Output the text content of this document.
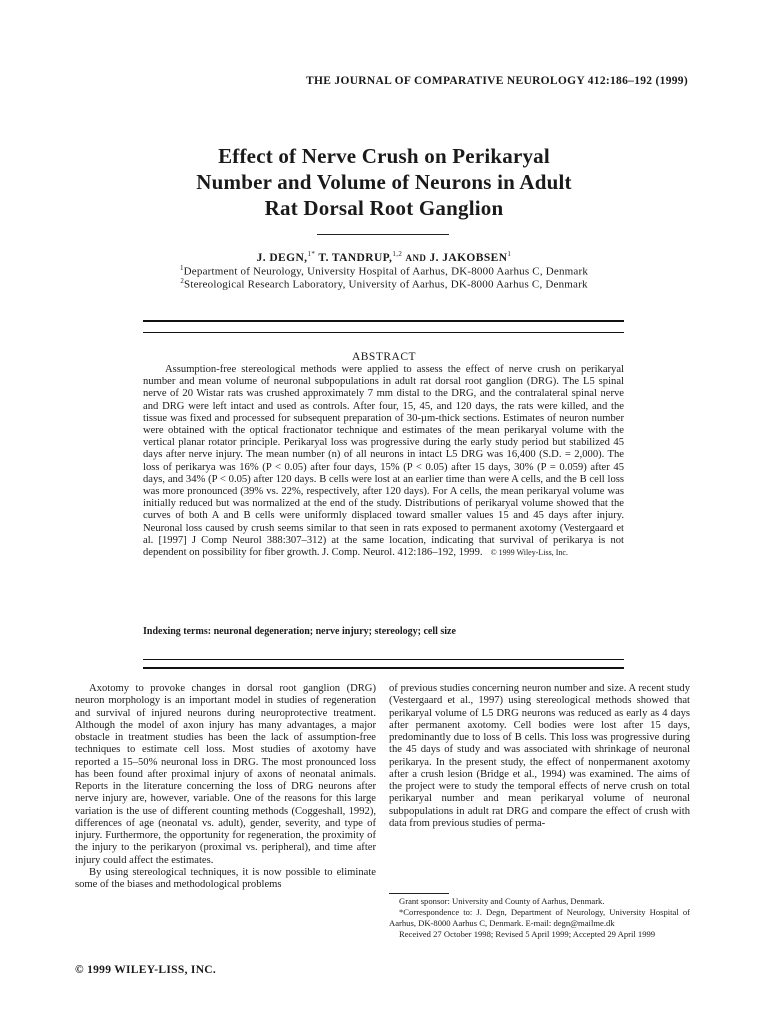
THE JOURNAL OF COMPARATIVE NEUROLOGY 412:186–192 (1999)
Effect of Nerve Crush on Perikaryal
Number and Volume of Neurons in Adult
Rat Dorsal Root Ganglion
J. DEGN,$^{1*}$ T. TANDRUP,$^{1,2}$ AND J. JAKOBSEN$^1$
$^1$Department of Neurology, University Hospital of Aarhus, DK-8000 Aarhus C, Denmark
$^2$Stereological Research Laboratory, University of Aarhus, DK-8000 Aarhus C, Denmark
ABSTRACT

Assumption-free stereological methods were applied to assess the effect of nerve crush on perikaryal number and mean volume of neuronal subpopulations in adult rat dorsal root ganglion (DRG). The L5 spinal nerve of 20 Wistar rats was crushed approximately 7 mm distal to the DRG, and the contralateral spinal nerve and DRG were left intact and used as controls. After four, 15, 45, and 120 days, the rats were killed, and the tissue was fixed and processed for subsequent preparation of 30-µm-thick sections. Estimates of neuron number were obtained with the optical fractionator technique and estimates of the mean perikaryal volume with the vertical planar rotator principle. Perikaryal loss was progressive during the early study period but stabilized 45 days after nerve injury. The mean number (n) of all neurons in intact L5 DRG was 16,400 (S.D. = 2,000). The loss of perikarya was 16% (P < 0.05) after four days, 15% (P < 0.05) after 15 days, 30% (P = 0.059) after 45 days, and 34% (P < 0.05) after 120 days. B cells were lost at an earlier time than were A cells, and the B cell loss was more pronounced (39% vs. 22%, respectively, after 120 days). For A cells, the mean perikaryal volume was initially reduced but was normalized at the end of the study. Distributions of perikaryal volume showed that the curves of both A and B cells were uniformly displaced toward smaller values 15 and 45 days after injury. Neuronal loss caused by crush seems similar to that seen in rats exposed to permanent axotomy (Vestergaard et al. [1997] J Comp Neurol 388:307–312) at the same location, indicating that survival of perikarya is not dependent on possibility for fiber growth. J. Comp. Neurol. 412:186–192, 1999. © 1999 Wiley-Liss, Inc.

Indexing terms: neuronal degeneration; nerve injury; stereology; cell size

Axotomy to provoke changes in dorsal root ganglion (DRG) neuron morphology is an important model in studies of regeneration and survival of injured neurons during neuroprotective treatment. Although the model of axon injury has many advantages, a major obstacle in treatment studies has been the lack of assumption-free techniques to estimate cell loss. Most studies of axotomy have reported a 15–50% neuronal loss in DRG. The most pronounced loss has been found after proximal injury of axons of neonatal animals. Reports in the literature concerning the loss of DRG neurons after nerve injury are, however, variable. One of the reasons for this large variation is the use of different counting methods (Coggeshall, 1992), differences of age (neonatal vs. adult), gender, severity, and type of injury. Furthermore, the opportunity for regeneration, the proximity of the injury to the perikaryon (proximal vs. peripheral), and time after injury could affect the estimates.

By using stereological techniques, it is now possible to eliminate some of the biases and methodological problems

of previous studies concerning neuron number and size. A recent study (Vestergaard et al., 1997) using stereological methods showed that perikaryal volume of L5 DRG neurons was reduced as early as 4 days after permanent axotomy. Cell bodies were lost after 15 days, predominantly due to loss of B cells. This loss was progressive during the 45 days of study and was associated with shrinkage of neuronal perikarya. In the present study, the effect of nonpermanent axotomy after a crush lesion (Bridge et al., 1994) was examined. The aims of the project were to study the temporal effects of nerve crush on total perikaryal number and mean perikaryal volume of neuronal subpopulations in adult rat DRG and compare the effect of crush with data from previous studies of perma-

Grant sponsor: University and County of Aarhus, Denmark.

*Correspondence to: J. Degn, Department of Neurology, University Hospital of Aarhus, DK-8000 Aarhus C, Denmark. E-mail: degn@mailme.dk

Received 27 October 1998; Revised 5 April 1999; Accepted 29 April 1999

© 1999 WILEY-LISS, INC.
